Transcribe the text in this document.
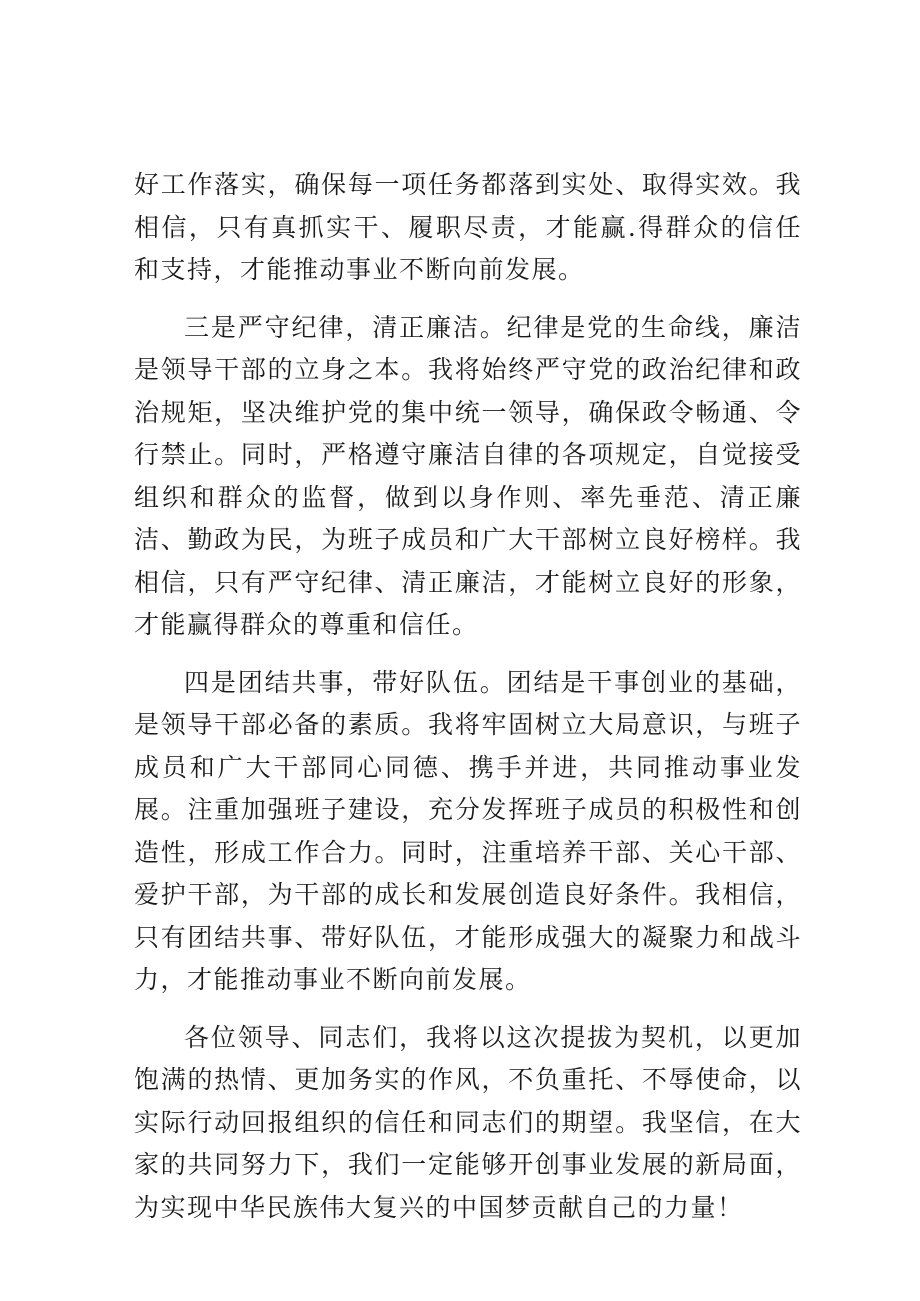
好工作落实，确保每一项任务都落到实处、取得实效。我相信，只有真抓实干、履职尽责，才能赢.得群众的信任和支持，才能推动事业不断向前发展。

三是严守纪律，清正廉洁。纪律是党的生命线，廉洁是领导干部的立身之本。我将始终严守党的政治纪律和政治规矩，坚决维护党的集中统一领导，确保政令畅通、令行禁止。同时，严格遵守廉洁自律的各项规定，自觉接受组织和群众的监督，做到以身作则、率先垂范、清正廉洁、勤政为民，为班子成员和广大干部树立良好榜样。我相信，只有严守纪律、清正廉洁，才能树立良好的形象，才能赢得群众的尊重和信任。

四是团结共事，带好队伍。团结是干事创业的基础，是领导干部必备的素质。我将牢固树立大局意识，与班子成员和广大干部同心同德、携手并进，共同推动事业发展。注重加强班子建设，充分发挥班子成员的积极性和创造性，形成工作合力。同时，注重培养干部、关心干部、爱护干部，为干部的成长和发展创造良好条件。我相信，只有团结共事、带好队伍，才能形成强大的凝聚力和战斗力，才能推动事业不断向前发展。

各位领导、同志们，我将以这次提拔为契机，以更加饱满的热情、更加务实的作风，不负重托、不辱使命，以实际行动回报组织的信任和同志们的期望。我坚信，在大家的共同努力下，我们一定能够开创事业发展的新局面，为实现中华民族伟大复兴的中国梦贡献自己的力量！
